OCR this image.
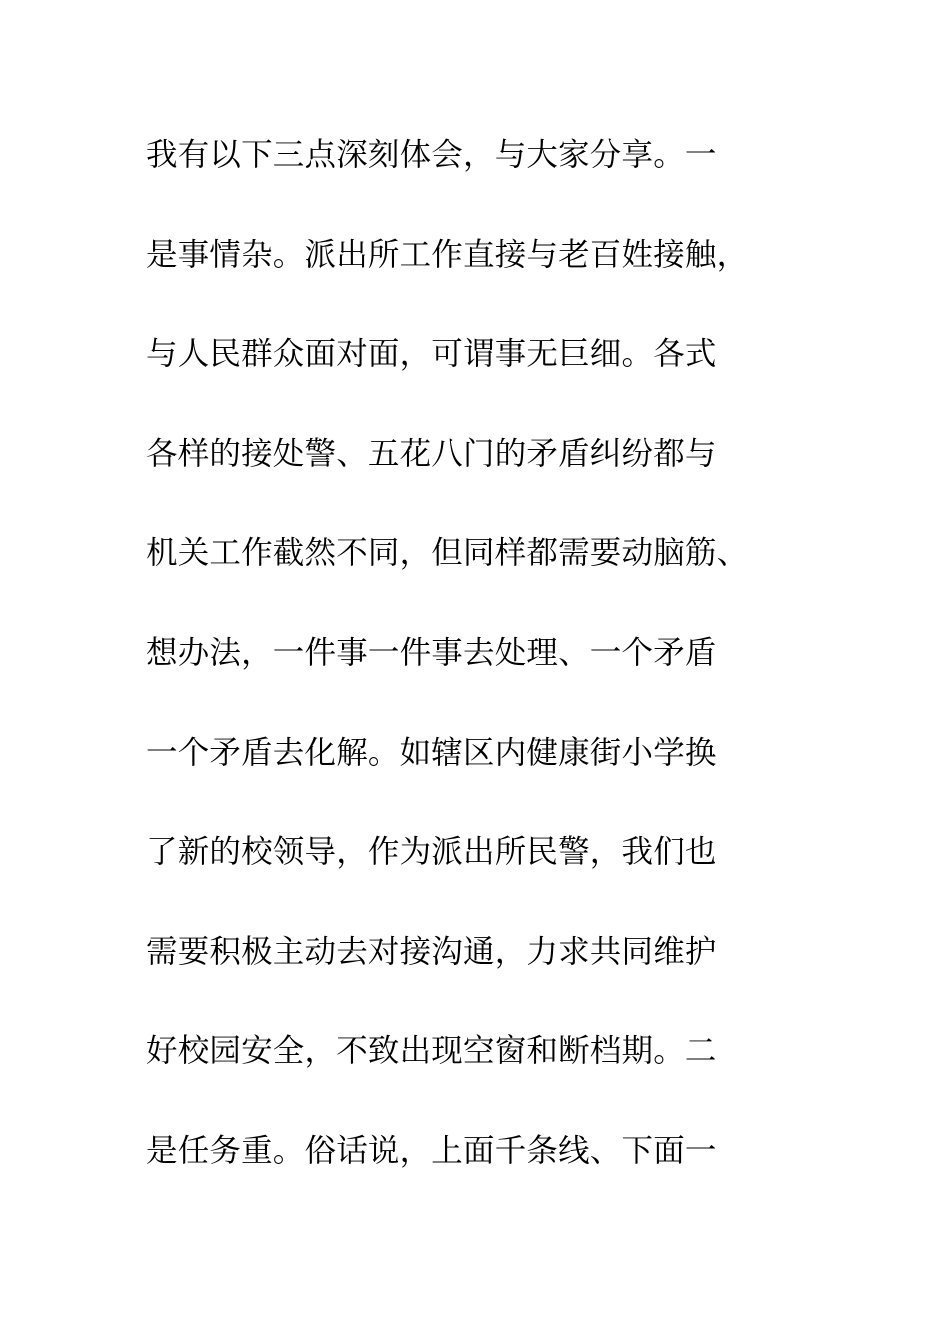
我有以下三点深刻体会，与大家分享。一
是事情杂。派出所工作直接与老百姓接触，
与人民群众面对面，可谓事无巨细。各式
各样的接处警、五花八门的矛盾纠纷都与
机关工作截然不同，但同样都需要动脑筋、
想办法，一件事一件事去处理、一个矛盾
一个矛盾去化解。如辖区内健康街小学换
了新的校领导，作为派出所民警，我们也
需要积极主动去对接沟通，力求共同维护
好校园安全，不致出现空窗和断档期。二
是任务重。俗话说，上面千条线、下面一
